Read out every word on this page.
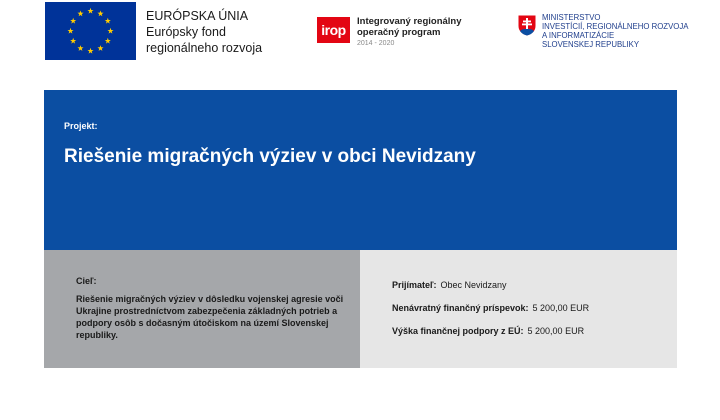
EURÓPSKA ÚNIA
Európsky fond
regionálneho rozvoja
irop
Integrovaný regionálny
operačný program
2014 - 2020
MINISTERSTVO
INVESTÍCIÍ, REGIONÁLNEHO ROZVOJA
A INFORMATIZÁCIE
SLOVENSKEJ REPUBLIKY
Projekt:
Riešenie migračných výziev v obci Nevidzany
Cieľ:
Riešenie migračných výziev v dôsledku vojenskej agresie voči Ukrajine prostredníctvom zabezpečenia základných potrieb a podpory osôb s dočasným útočiskom na území Slovenskej republiky.
Prijímateľ: Obec Nevidzany
Nenávratný finančný príspevok: 5 200,00 EUR
Výška finančnej podpory z EÚ: 5 200,00 EUR
